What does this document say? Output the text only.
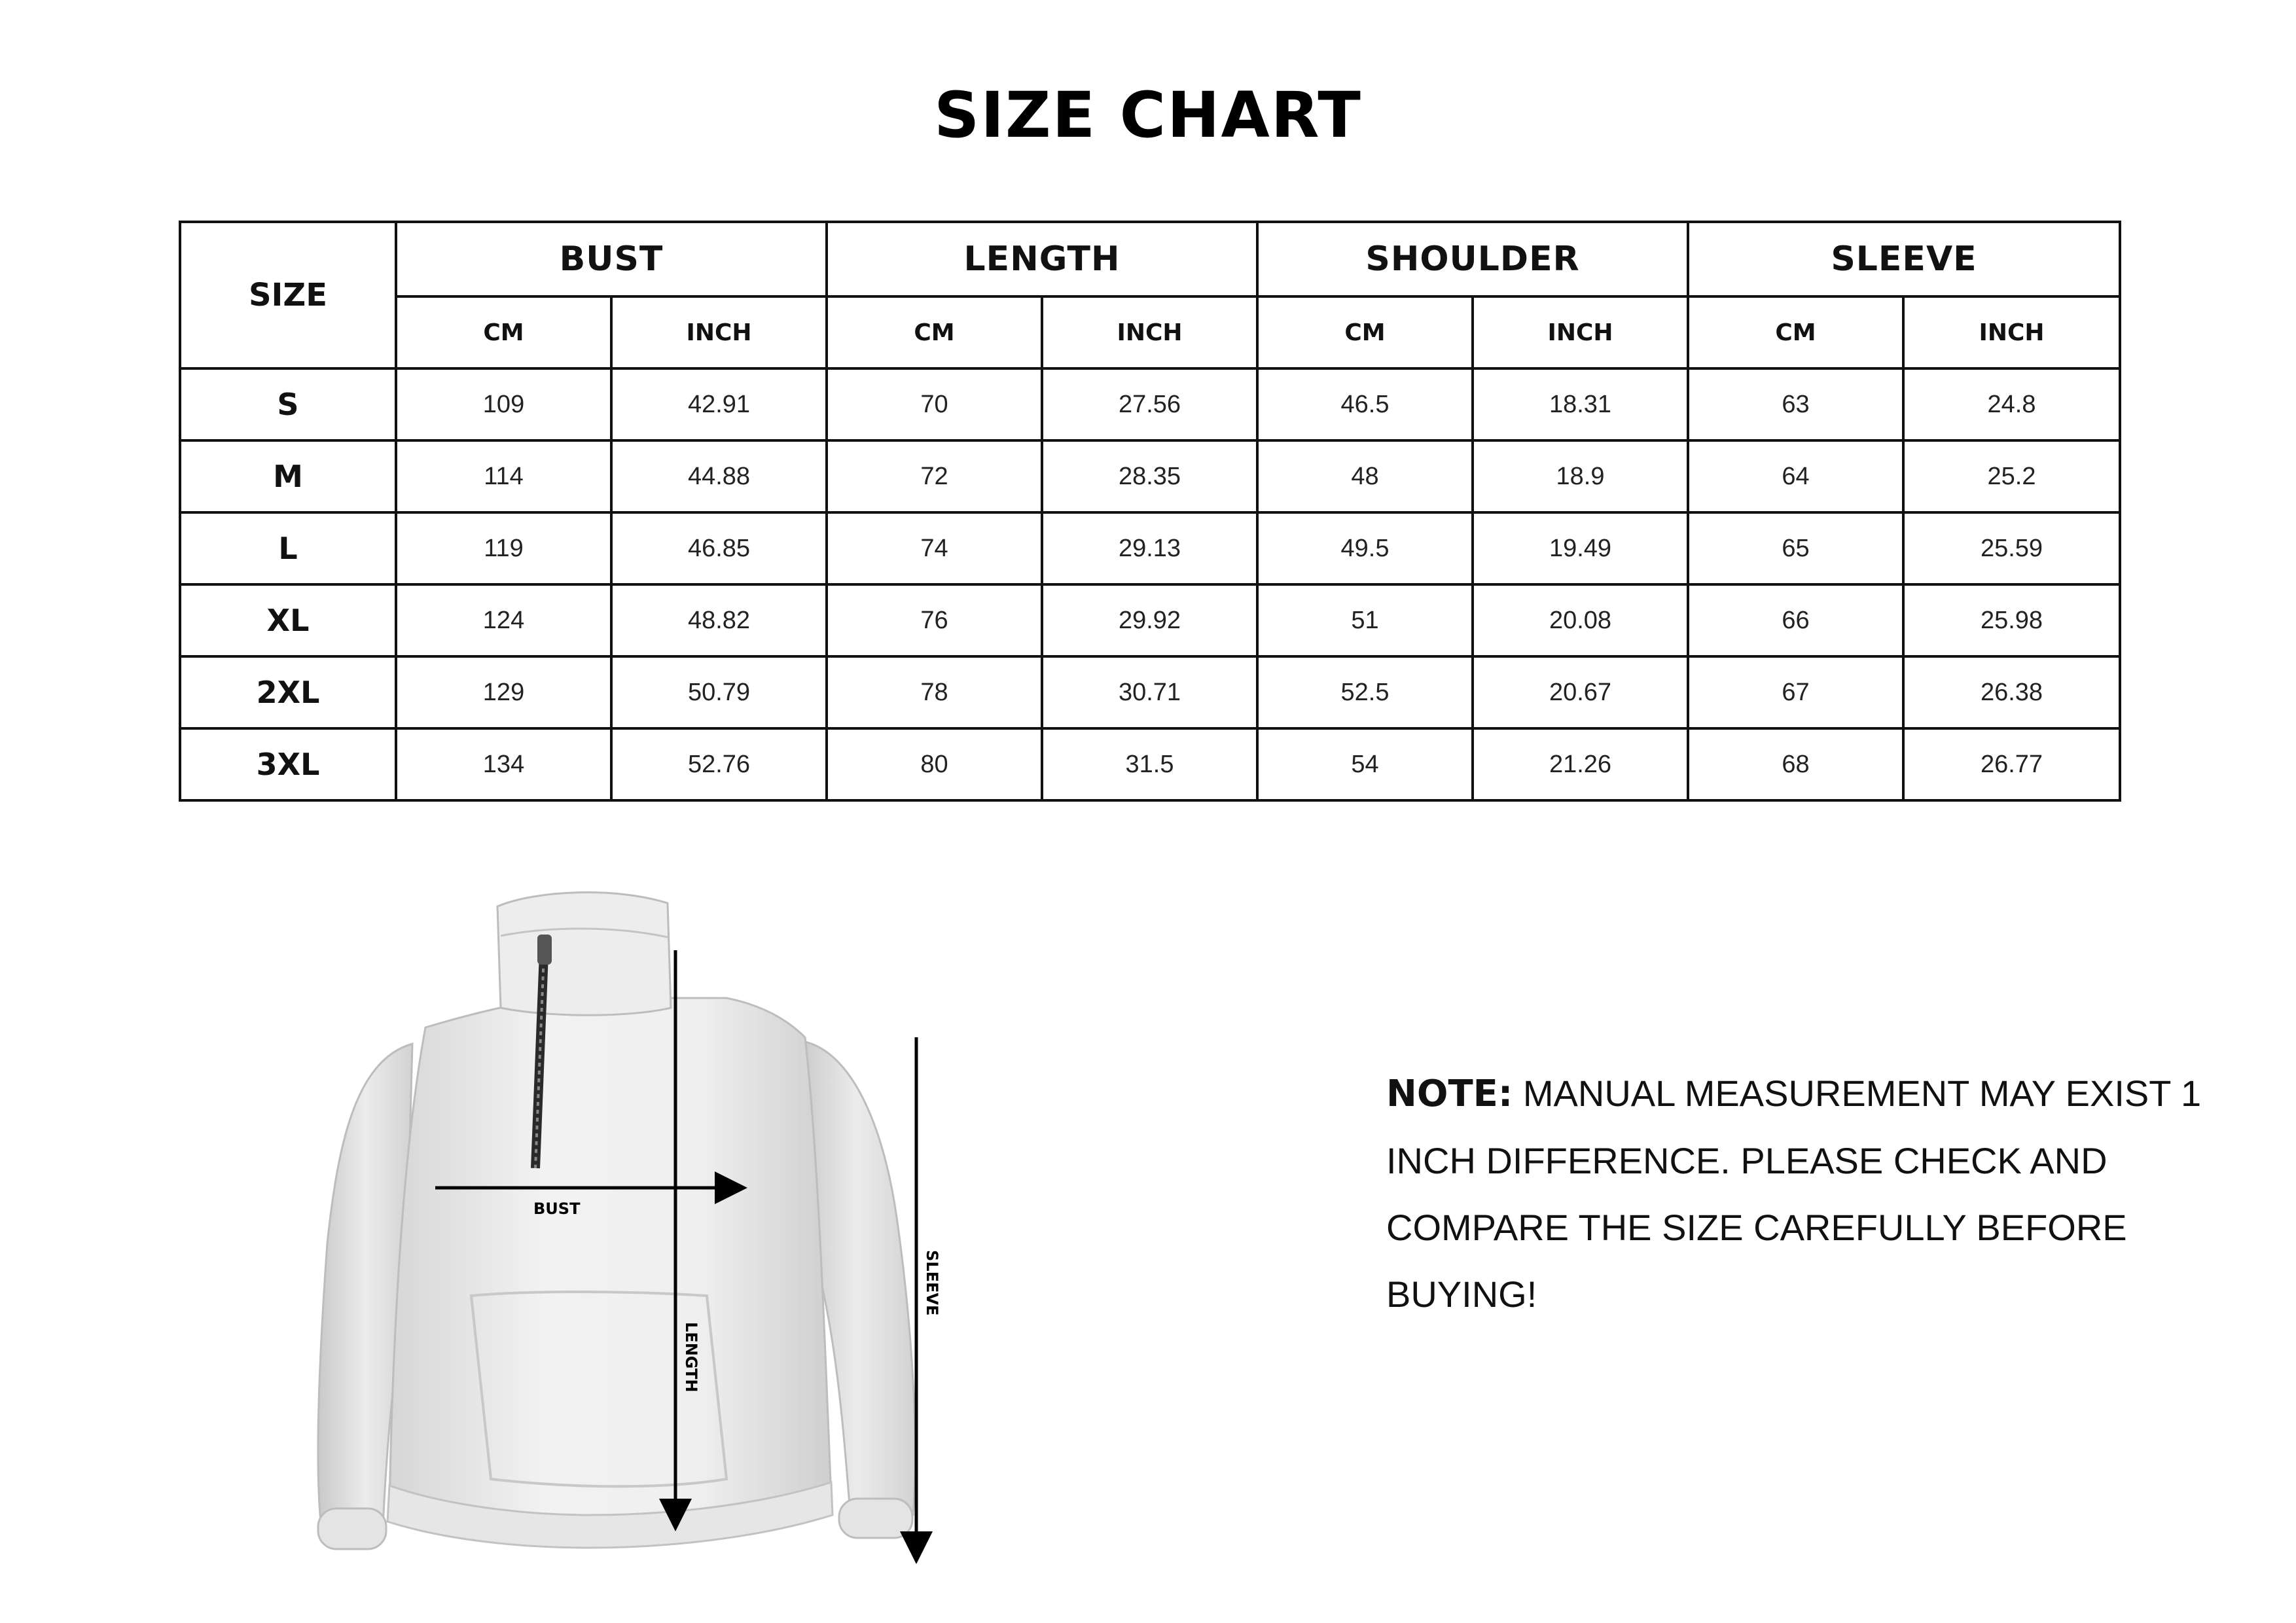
SIZE CHART
SIZE	BUST		LENGTH		SHOULDER		SLEEVE	
	CM	INCH	CM	INCH	CM	INCH	CM	INCH
S	109	42.91	70	27.56	46.5	18.31	63	24.8
M	114	44.88	72	28.35	48	18.9	64	25.2
L	119	46.85	74	29.13	49.5	19.49	65	25.59
XL	124	48.82	76	29.92	51	20.08	66	25.98
2XL	129	50.79	78	30.71	52.5	20.67	67	26.38
3XL	134	52.76	80	31.5	54	21.26	68	26.77
BUST
LENGTH
SLEEVE
NOTE: MANUAL MEASUREMENT MAY EXIST 1 INCH DIFFERENCE. PLEASE CHECK AND COMPARE THE SIZE CAREFULLY BEFORE BUYING!
